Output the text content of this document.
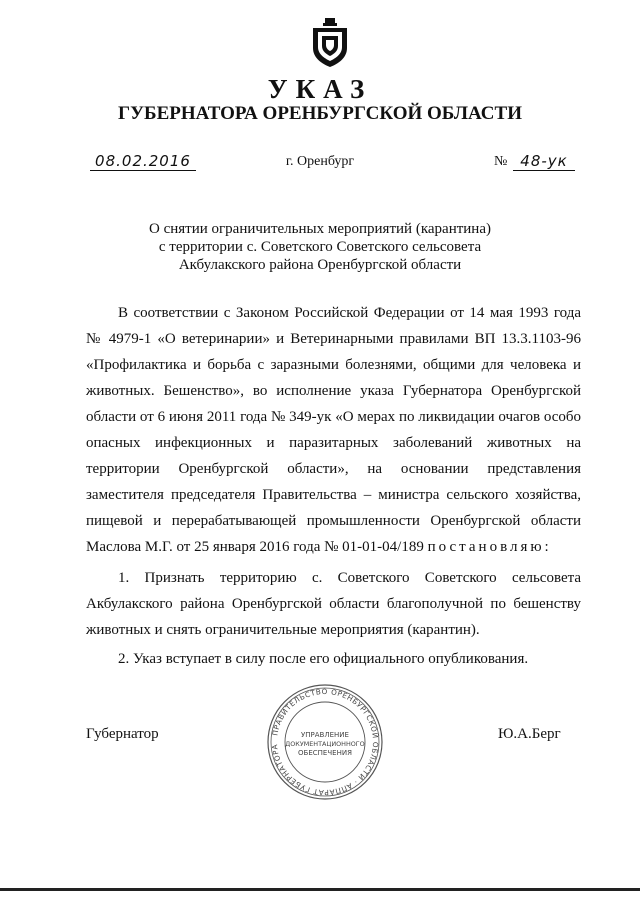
УКАЗ
ГУБЕРНАТОРА ОРЕНБУРГСКОЙ ОБЛАСТИ
08.02.2016	г. Оренбург	№ 48-ук
О снятии ограничительных мероприятий (карантина)
с территории с. Советского Советского сельсовета
Акбулакского района Оренбургской области
В соответствии с Законом Российской Федерации от 14 мая 1993 года
№ 4979-1 «О ветеринарии» и Ветеринарными правилами ВП 13.3.1103-96
«Профилактика и борьба с заразными болезнями, общими для человека и
животных. Бешенство», во исполнение указа Губернатора Оренбургской
области от 6 июня 2011 года № 349-ук «О мерах по ликвидации очагов особо
опасных инфекционных и паразитарных заболеваний животных на
территории Оренбургской области», на основании представления
заместителя председателя Правительства – министра сельского хозяйства,
пищевой и перерабатывающей промышленности Оренбургской области
Маслова М.Г. от 25 января 2016 года № 01-01-04/189 постановляю:
1. Признать территорию с. Советского Советского сельсовета
Акбулакского района Оренбургской области благополучной по бешенству
животных и снять ограничительные мероприятия (карантин).
2. Указ вступает в силу после его официального опубликования.
Губернатор	Ю.А.Берг
ПРАВИТЕЛЬСТВО ОРЕНБУРГСКОЙ ОБЛАСТИ · АППАРАТ ГУБЕРНАТОРА
УПРАВЛЕНИЕ
ДОКУМЕНТАЦИОННОГО
ОБЕСПЕЧЕНИЯ
